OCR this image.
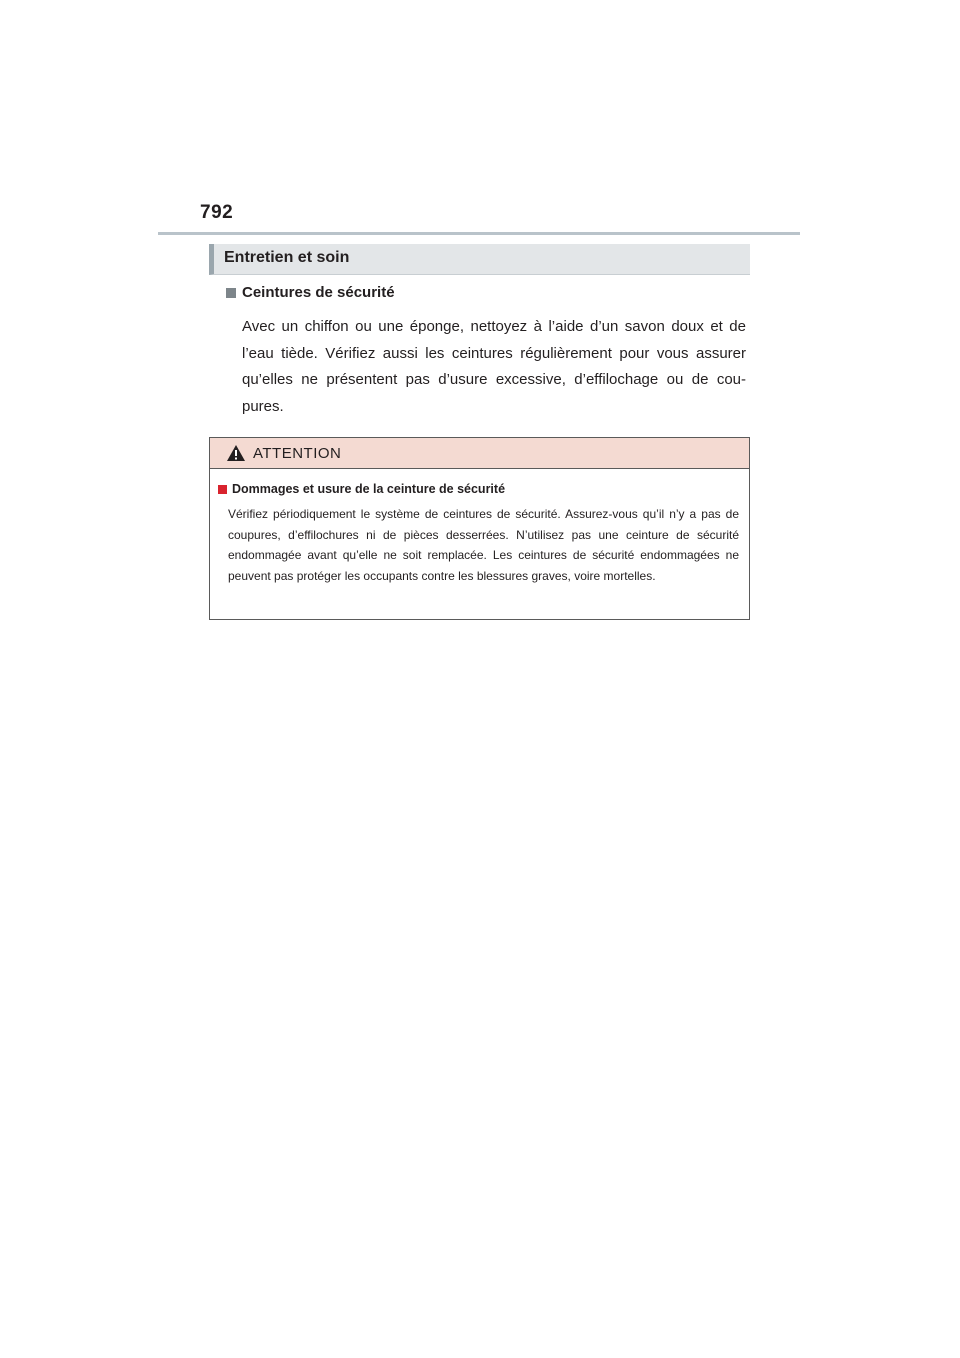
792
Entretien et soin
Ceintures de sécurité
Avec un chiffon ou une éponge, nettoyez à l’aide d’un savon doux et de l’eau tiède. Vérifiez aussi les ceintures régulièrement pour vous assurer qu’elles ne présentent pas d’usure excessive, d’effilochage ou de cou-pures.
ATTENTION
Dommages et usure de la ceinture de sécurité
Vérifiez périodiquement le système de ceintures de sécurité. Assurez-vous qu’il n’y a pas de coupures, d’effilochures ni de pièces desserrées. N’utilisez pas une ceinture de sécurité endommagée avant qu’elle ne soit remplacée. Les ceintures de sécurité endommagées ne peuvent pas protéger les occupants contre les blessures graves, voire mortelles.
